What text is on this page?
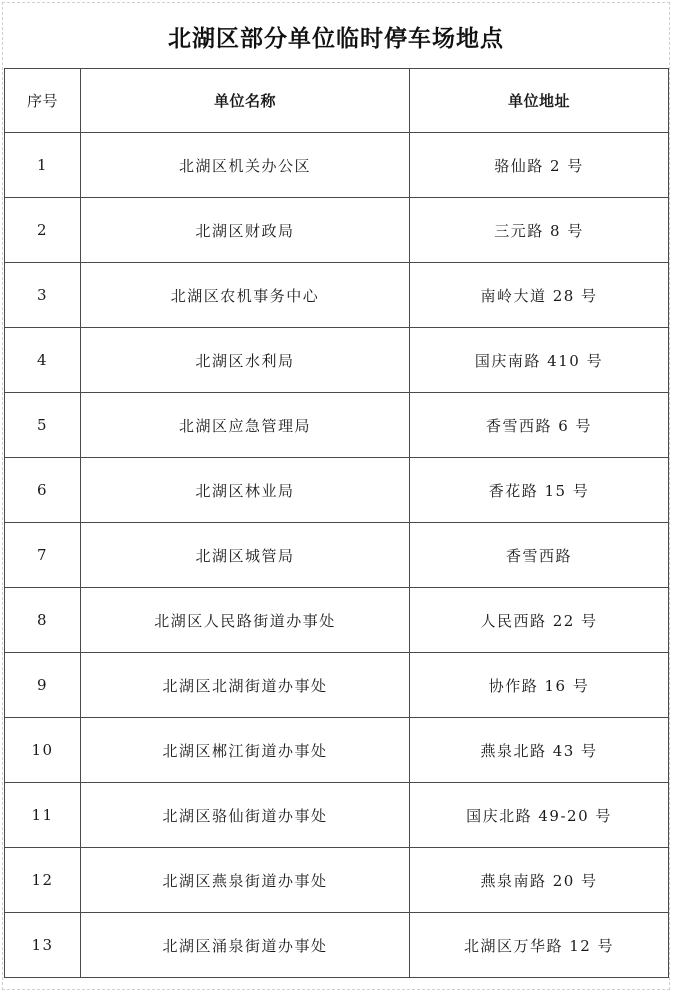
北湖区部分单位临时停车场地点
序号	单位名称	单位地址
1	北湖区机关办公区	骆仙路 2 号
2	北湖区财政局	三元路 8 号
3	北湖区农机事务中心	南岭大道 28 号
4	北湖区水利局	国庆南路 410 号
5	北湖区应急管理局	香雪西路 6 号
6	北湖区林业局	香花路 15 号
7	北湖区城管局	香雪西路
8	北湖区人民路街道办事处	人民西路 22 号
9	北湖区北湖街道办事处	协作路 16 号
10	北湖区郴江街道办事处	燕泉北路 43 号
11	北湖区骆仙街道办事处	国庆北路 49-20 号
12	北湖区燕泉街道办事处	燕泉南路 20 号
13	北湖区涌泉街道办事处	北湖区万华路 12 号
